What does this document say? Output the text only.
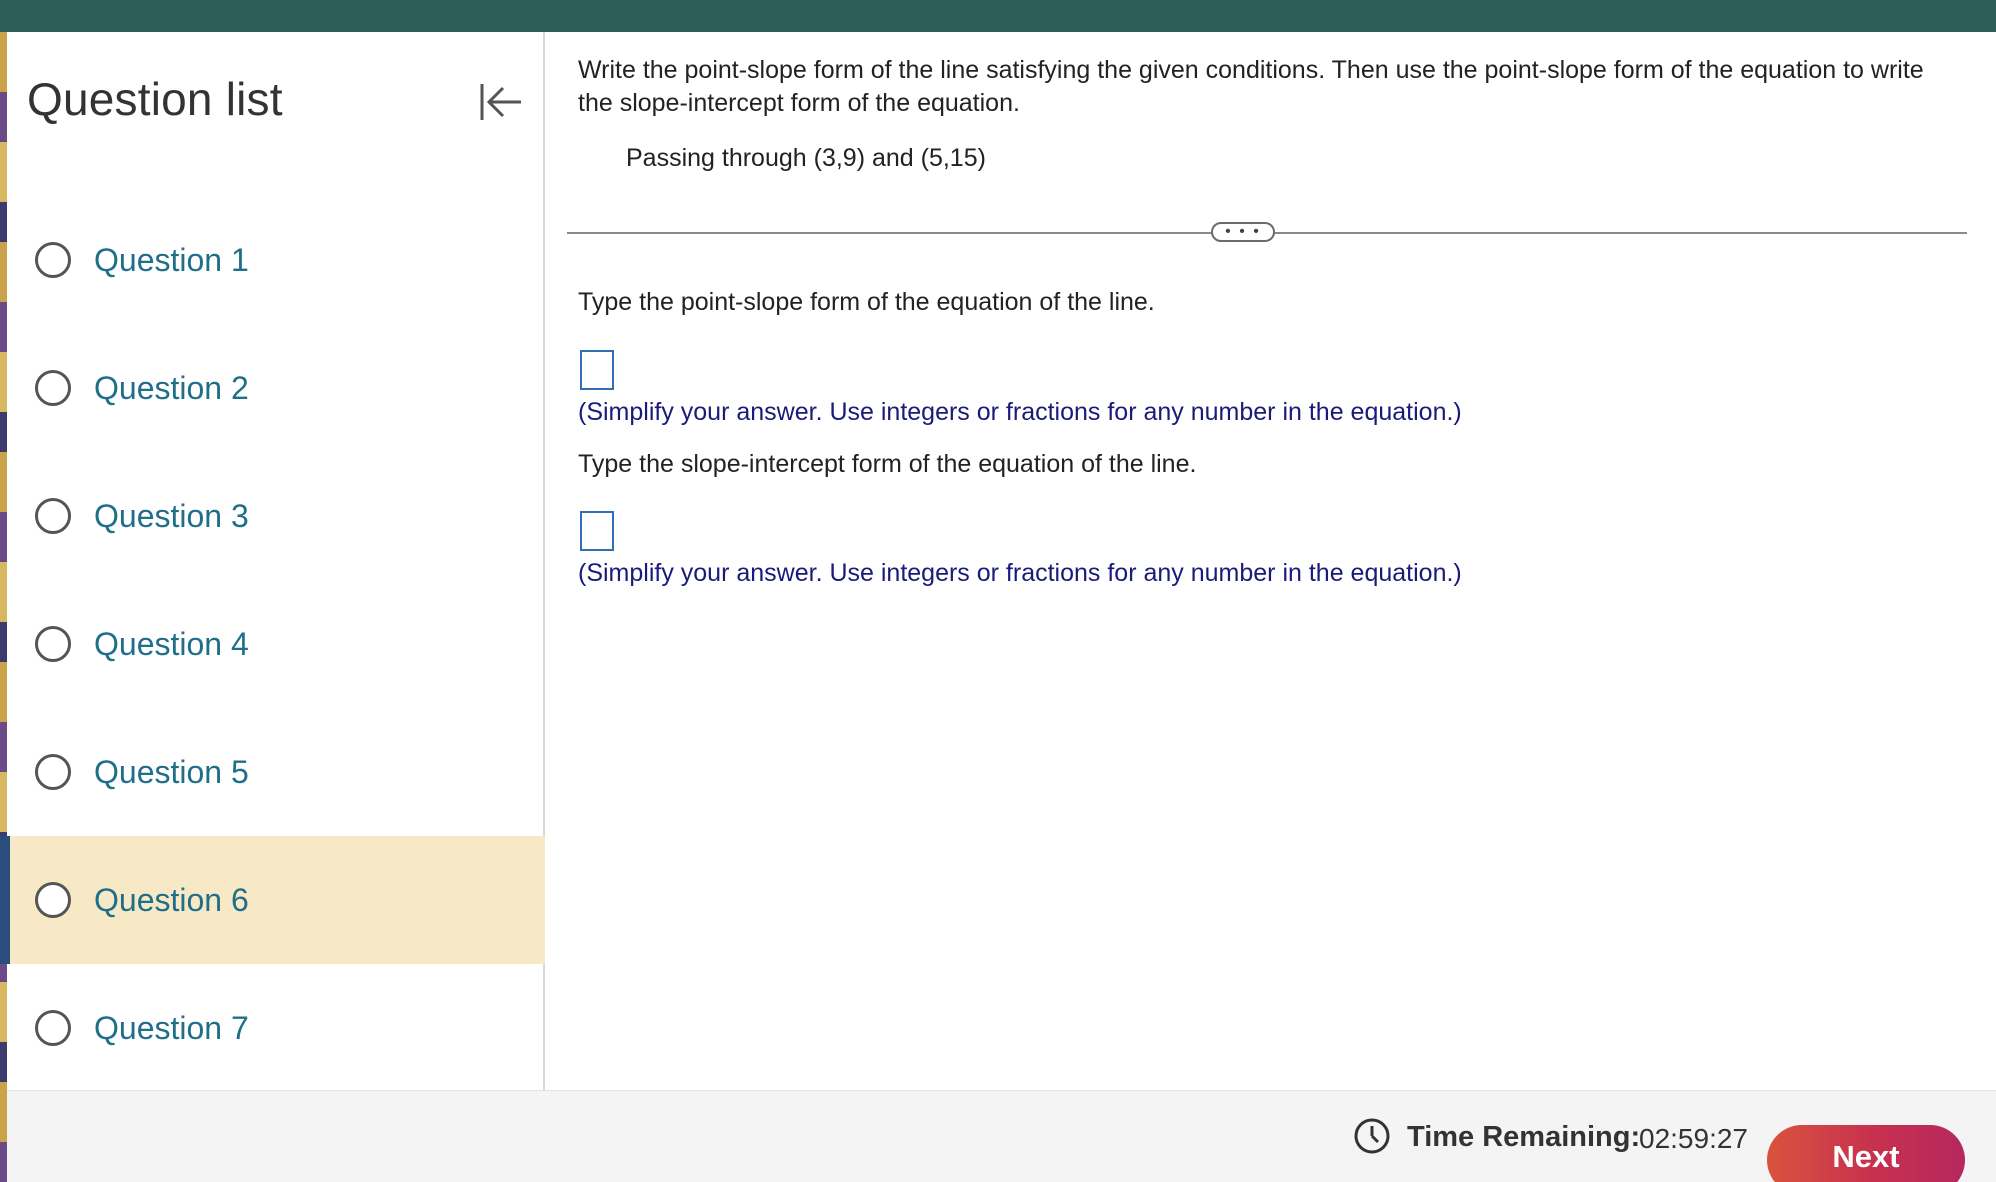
Question list
Question 1
Question 2
Question 3
Question 4
Question 5
Question 6
Question 7

Write the point-slope form of the line satisfying the given conditions. Then use the point-slope form of the equation to write the slope-intercept form of the equation.

Passing through (3,9) and (5,15)

• • •

Type the point-slope form of the equation of the line.

(Simplify your answer. Use integers or fractions for any number in the equation.)

Type the slope-intercept form of the equation of the line.

(Simplify your answer. Use integers or fractions for any number in the equation.)

Time Remaining:
02:59:27
Next
